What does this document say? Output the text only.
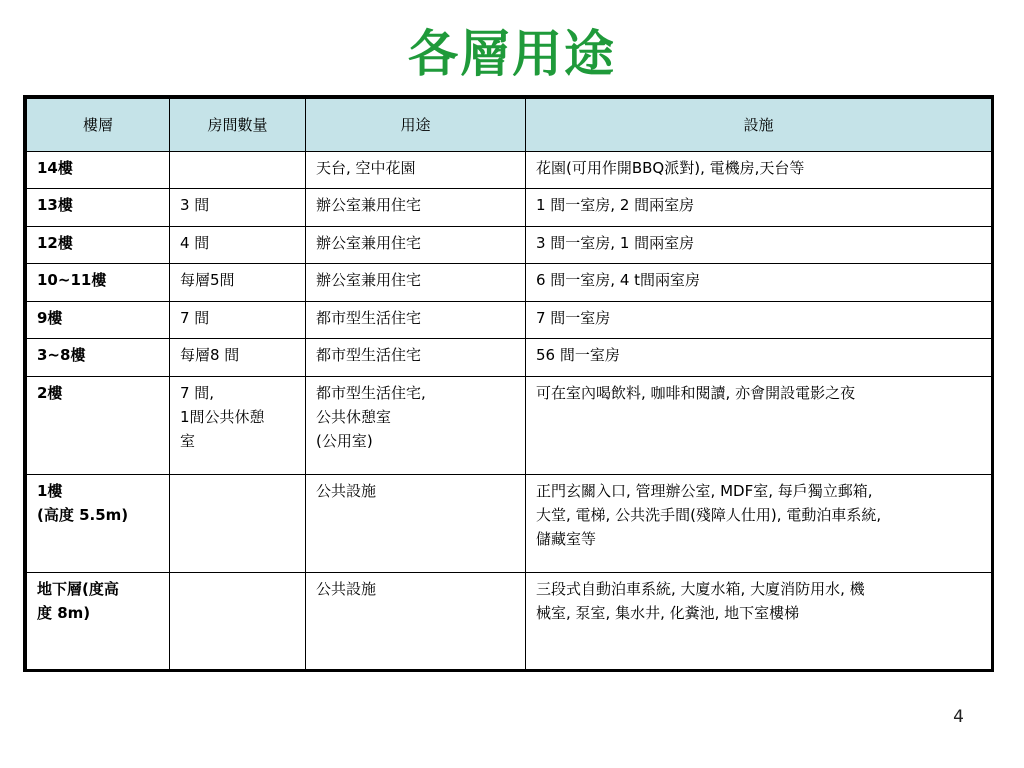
各層用途
樓層	房間數量	用途	設施

14樓		天台, 空中花園	花園(可用作開BBQ派對), 電機房,天台等

13樓	3 間	辦公室兼用住宅	1 間一室房, 2 間兩室房

12樓	4 間	辦公室兼用住宅	3 間一室房, 1 間兩室房

10~11樓	每層5間	辦公室兼用住宅	6 間一室房, 4 t間兩室房

9樓	7 間	都市型生活住宅	7 間一室房

3~8樓	每層8 間	都市型生活住宅	56 間一室房

2樓	7 間,
1間公共休憩
室	都市型生活住宅,
公共休憩室
(公用室)	可在室內喝飲料, 咖啡和閱讀, 亦會開設電影之夜

1樓
(高度 5.5m)		公共設施	正門玄關入口, 管理辦公室, MDF室, 每戶獨立郵箱,
大堂, 電梯, 公共洗手間(殘障人仕用), 電動泊車系統,
儲藏室等

地下層(度高
度 8m)		公共設施	三段式自動泊車系統, 大廈水箱, 大廈消防用水, 機
械室, 泵室, 集水井, 化糞池, 地下室樓梯
4
